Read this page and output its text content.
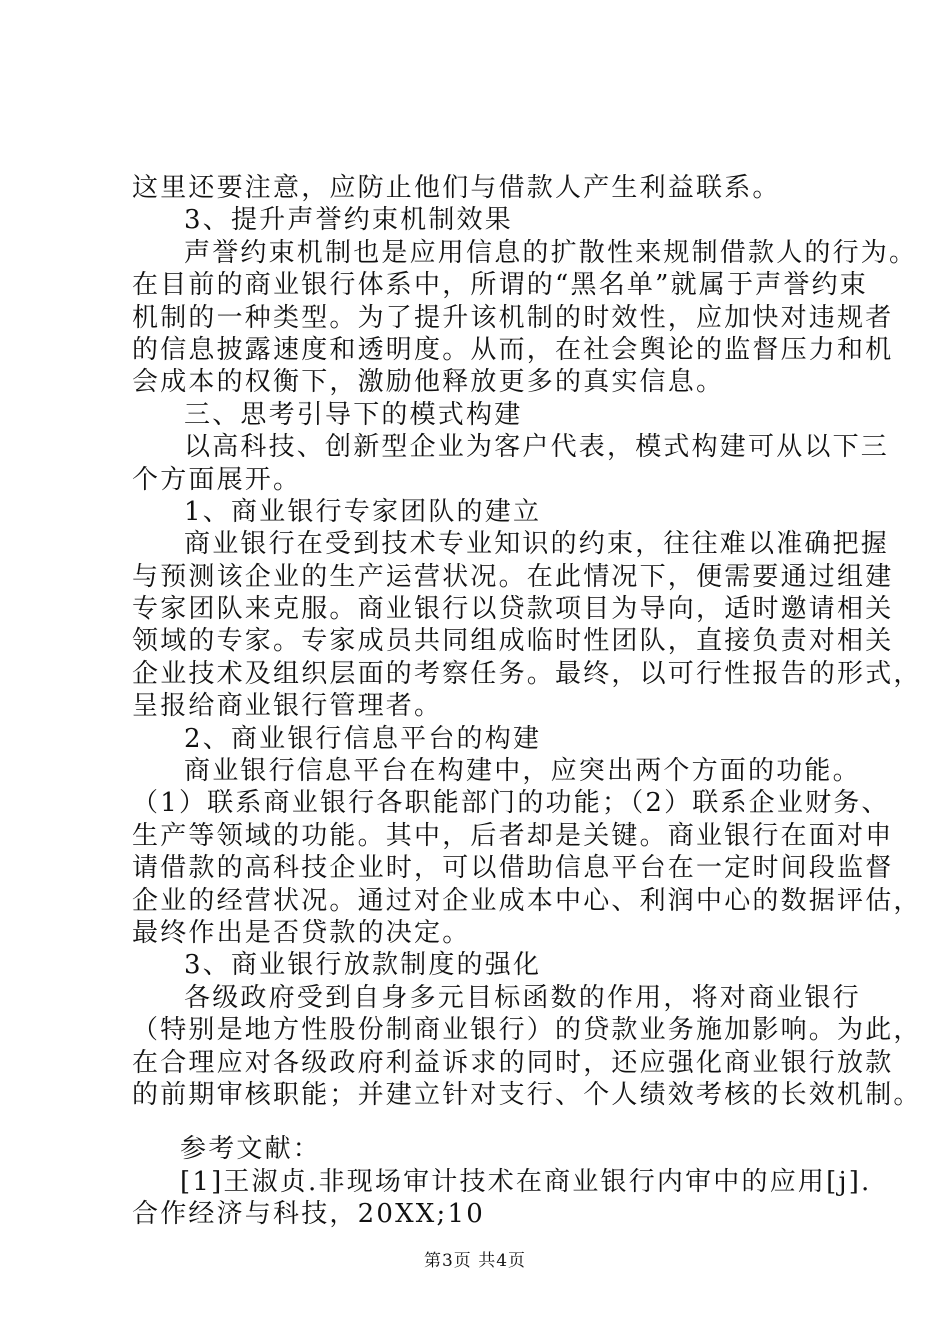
这里还要注意，应防止他们与借款人产生利益联系。
3、提升声誉约束机制效果
声誉约束机制也是应用信息的扩散性来规制借款人的行为。
在目前的商业银行体系中，所谓的“黑名单”就属于声誉约束
机制的一种类型。为了提升该机制的时效性，应加快对违规者
的信息披露速度和透明度。从而，在社会舆论的监督压力和机
会成本的权衡下，激励他释放更多的真实信息。
三、思考引导下的模式构建
以高科技、创新型企业为客户代表，模式构建可从以下三
个方面展开。
1、商业银行专家团队的建立
商业银行在受到技术专业知识的约束，往往难以准确把握
与预测该企业的生产运营状况。在此情况下，便需要通过组建
专家团队来克服。商业银行以贷款项目为导向，适时邀请相关
领域的专家。专家成员共同组成临时性团队，直接负责对相关
企业技术及组织层面的考察任务。最终，以可行性报告的形式，
呈报给商业银行管理者。
2、商业银行信息平台的构建
商业银行信息平台在构建中，应突出两个方面的功能。
（1）联系商业银行各职能部门的功能；（2）联系企业财务、
生产等领域的功能。其中，后者却是关键。商业银行在面对申
请借款的高科技企业时，可以借助信息平台在一定时间段监督
企业的经营状况。通过对企业成本中心、利润中心的数据评估，
最终作出是否贷款的决定。
3、商业银行放款制度的强化
各级政府受到自身多元目标函数的作用，将对商业银行
（特别是地方性股份制商业银行）的贷款业务施加影响。为此，
在合理应对各级政府利益诉求的同时，还应强化商业银行放款
的前期审核职能；并建立针对支行、个人绩效考核的长效机制。
参考文献：
[1]王淑贞.非现场审计技术在商业银行内审中的应用[j].
合作经济与科技，20XX;10
第3页 共4页
